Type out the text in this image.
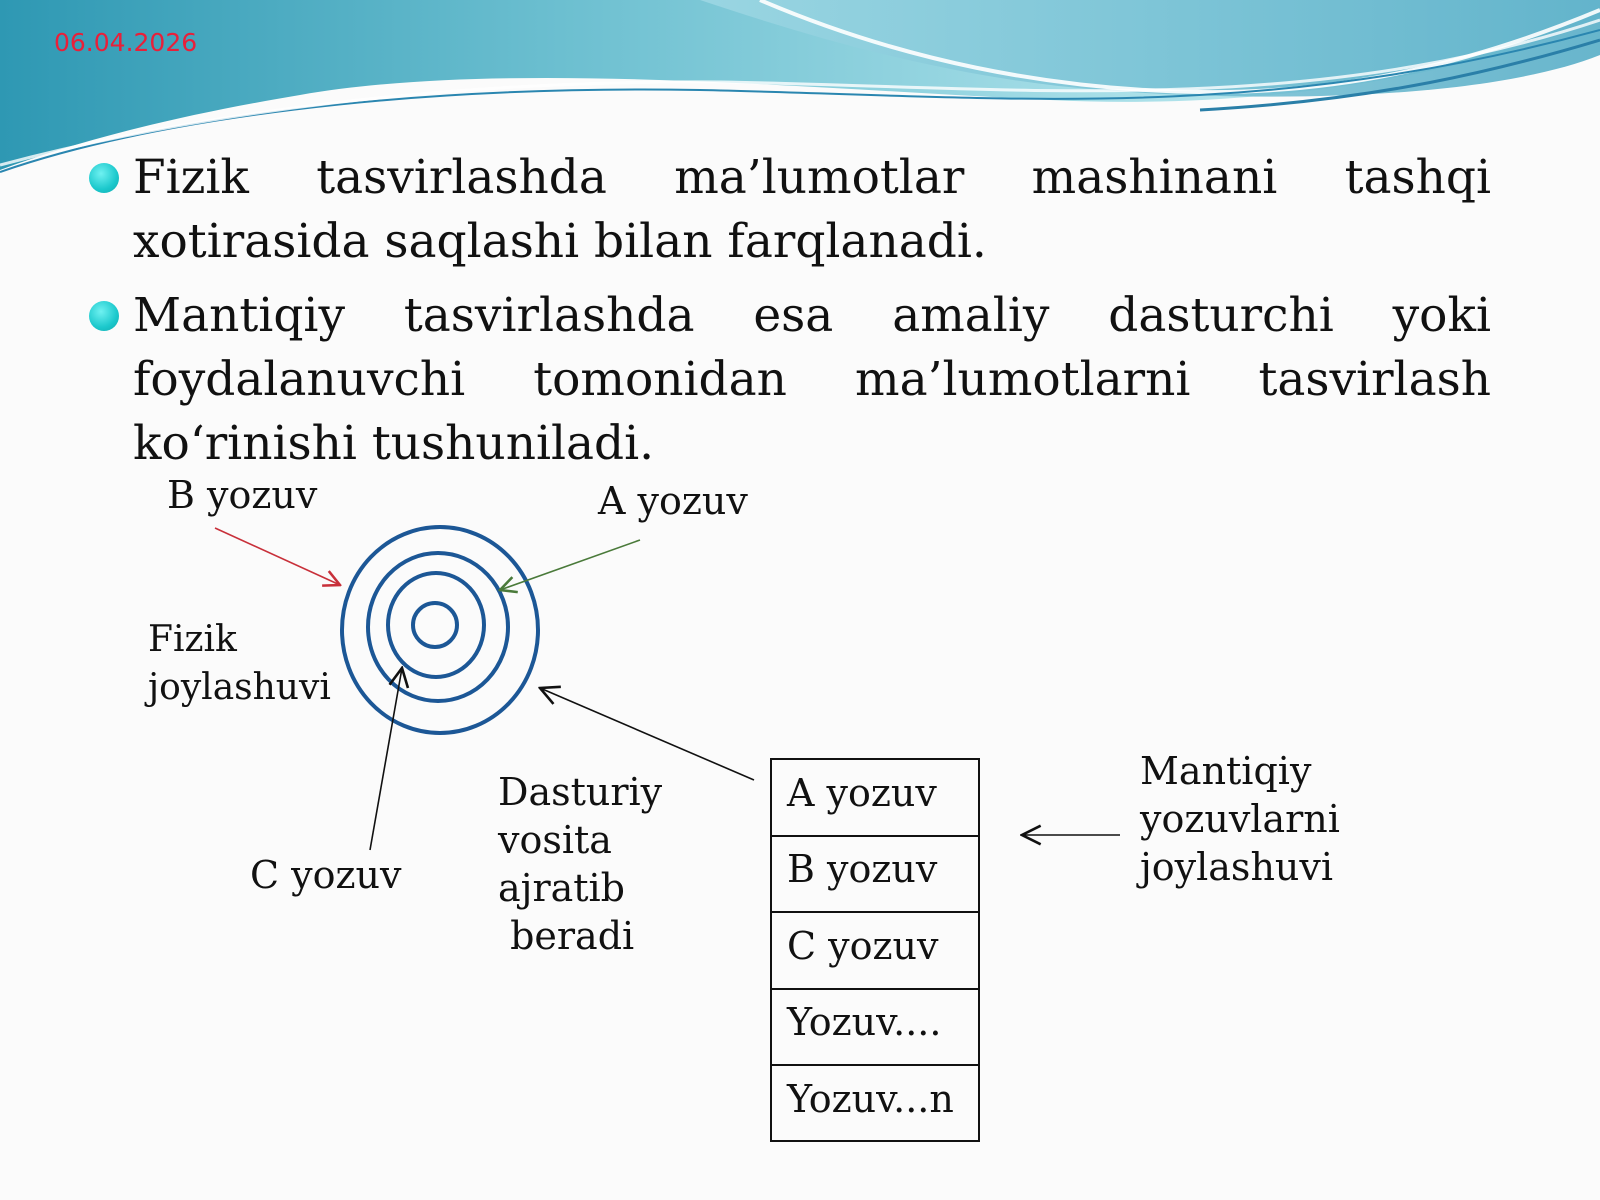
06.04.2026
Fizik tasvirlashda ma’lumotlar mashinani tashqi xotirasida saqlashi bilan farqlanadi.
Mantiqiy tasvirlashda esa amaliy dasturchi yoki foydalanuvchi tomonidan ma’lumotlarni tasvirlash ko‘rinishi tushuniladi.
B yozuv	A yozuv
C yozuv
Fizik joylashuvi
Dasturiy vosita ajratib  beradi
Mantiqiy yozuvlarni joylashuvi
A yozuv
B yozuv
C yozuv
Yozuv....
Yozuv...n
